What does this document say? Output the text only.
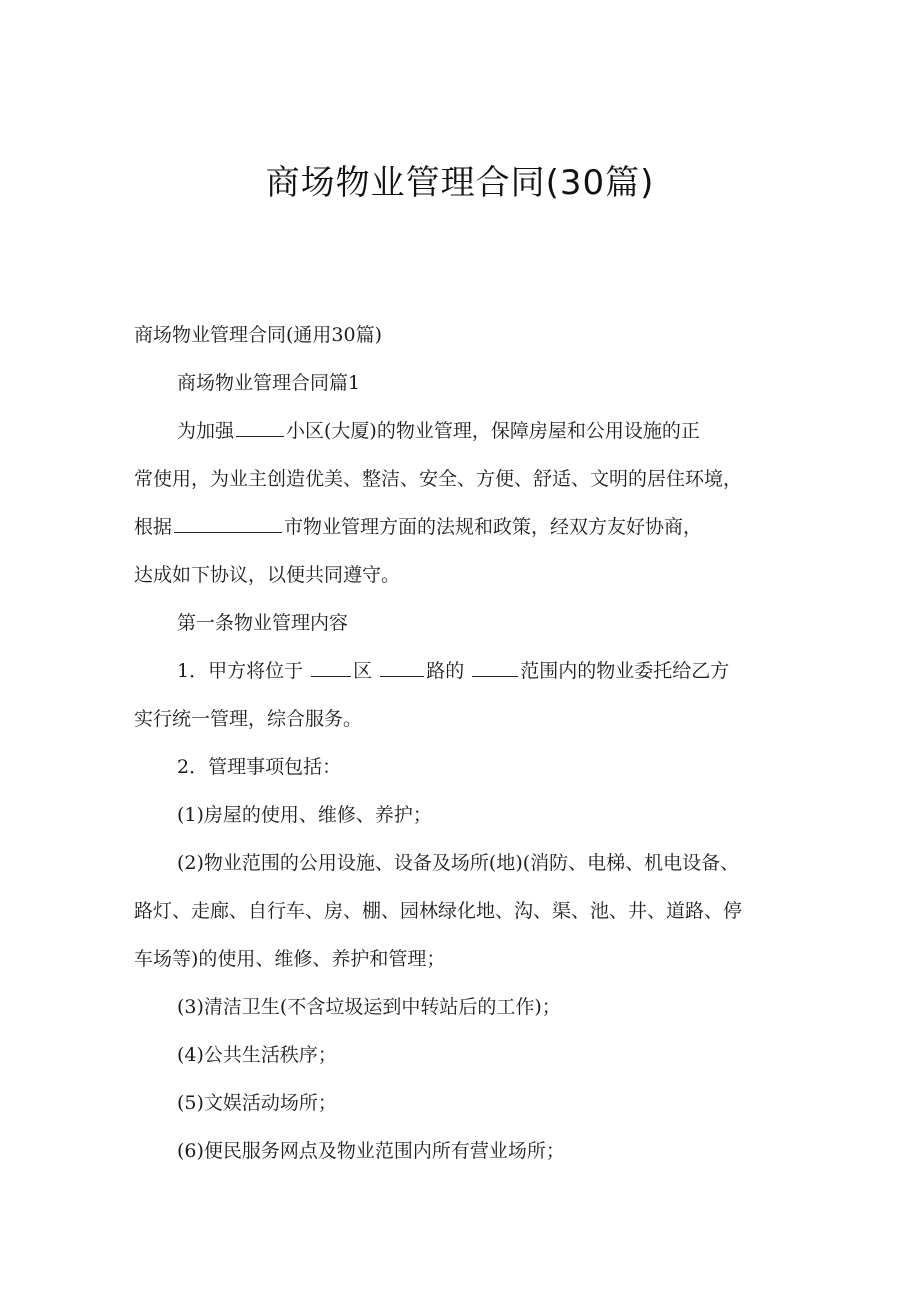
商场物业管理合同(30篇)
商场物业管理合同(通用30篇)
商场物业管理合同篇1
为加强	小区(大厦)的物业管理，保障房屋和公用设施的正
常使用，为业主创造优美、整洁、安全、方便、舒适、文明的居住环境，
根据	市物业管理方面的法规和政策，经双方友好协商，
达成如下协议，以便共同遵守。
第一条物业管理内容
1．甲方将位于	区	路的	范围内的物业委托给乙方
实行统一管理，综合服务。
2．管理事项包括：
(1)房屋的使用、维修、养护；
(2)物业范围的公用设施、设备及场所(地)(消防、电梯、机电设备、
路灯、走廊、自行车、房、棚、园林绿化地、沟、渠、池、井、道路、停
车场等)的使用、维修、养护和管理；
(3)清洁卫生(不含垃圾运到中转站后的工作)；
(4)公共生活秩序；
(5)文娱活动场所；
(6)便民服务网点及物业范围内所有营业场所；
